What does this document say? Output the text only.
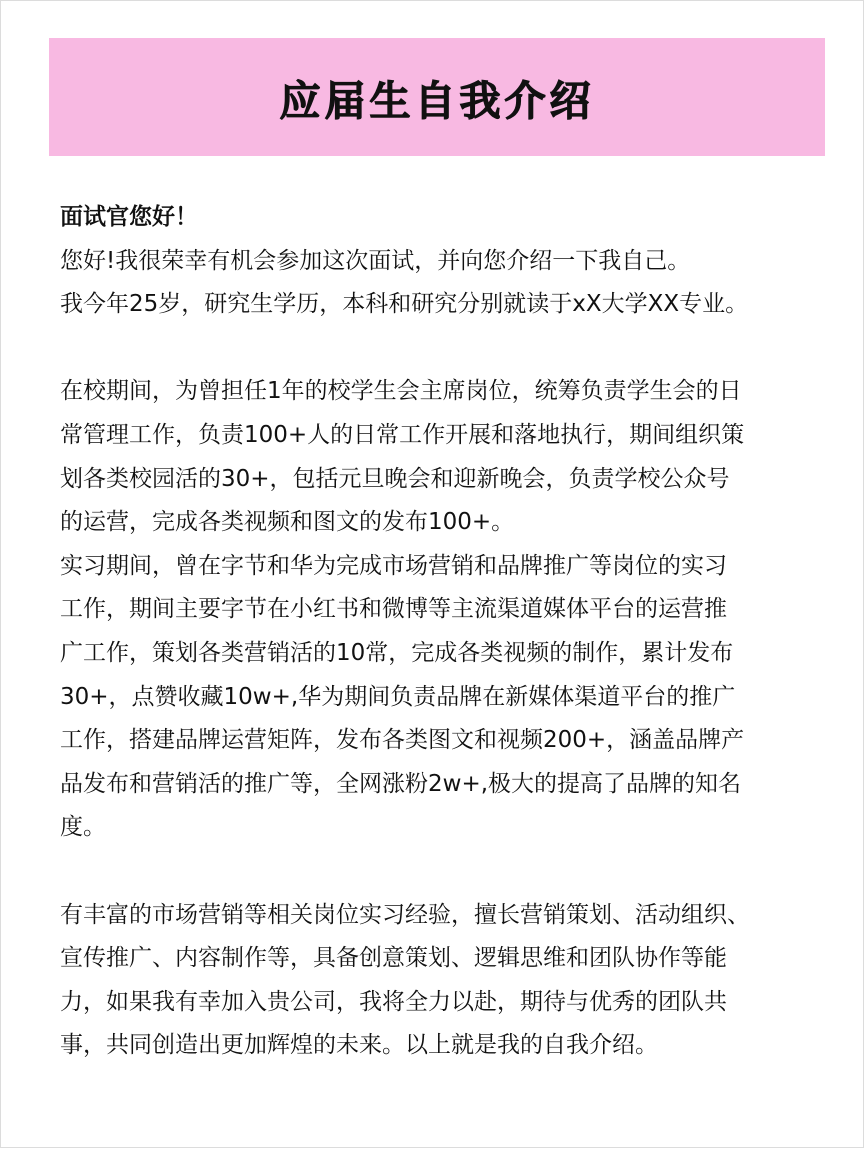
应届生自我介绍
面试官您好！
您好!我很荣幸有机会参加这次面试，并向您介绍一下我自己。
我今年25岁，研究生学历，本科和研究分别就读于xX大学XX专业。
在校期间，为曾担任1年的校学生会主席岗位，统筹负责学生会的日
常管理工作，负责100+人的日常工作开展和落地执行，期间组织策
划各类校园活的30+，包括元旦晚会和迎新晚会，负责学校公众号
的运营，完成各类视频和图文的发布100+。
实习期间，曾在字节和华为完成市场营销和品牌推广等岗位的实习
工作，期间主要字节在小红书和微博等主流渠道媒体平台的运营推
广工作，策划各类营销活的10常，完成各类视频的制作，累计发布
30+，点赞收藏10w+,华为期间负责品牌在新媒体渠道平台的推广
工作，搭建品牌运营矩阵，发布各类图文和视频200+，涵盖品牌产
品发布和营销活的推广等，全网涨粉2w+,极大的提高了品牌的知名
度。
有丰富的市场营销等相关岗位实习经验，擅长营销策划、活动组织、
宣传推广、内容制作等，具备创意策划、逻辑思维和团队协作等能
力，如果我有幸加入贵公司，我将全力以赴，期待与优秀的团队共
事，共同创造出更加辉煌的未来。以上就是我的自我介绍。
